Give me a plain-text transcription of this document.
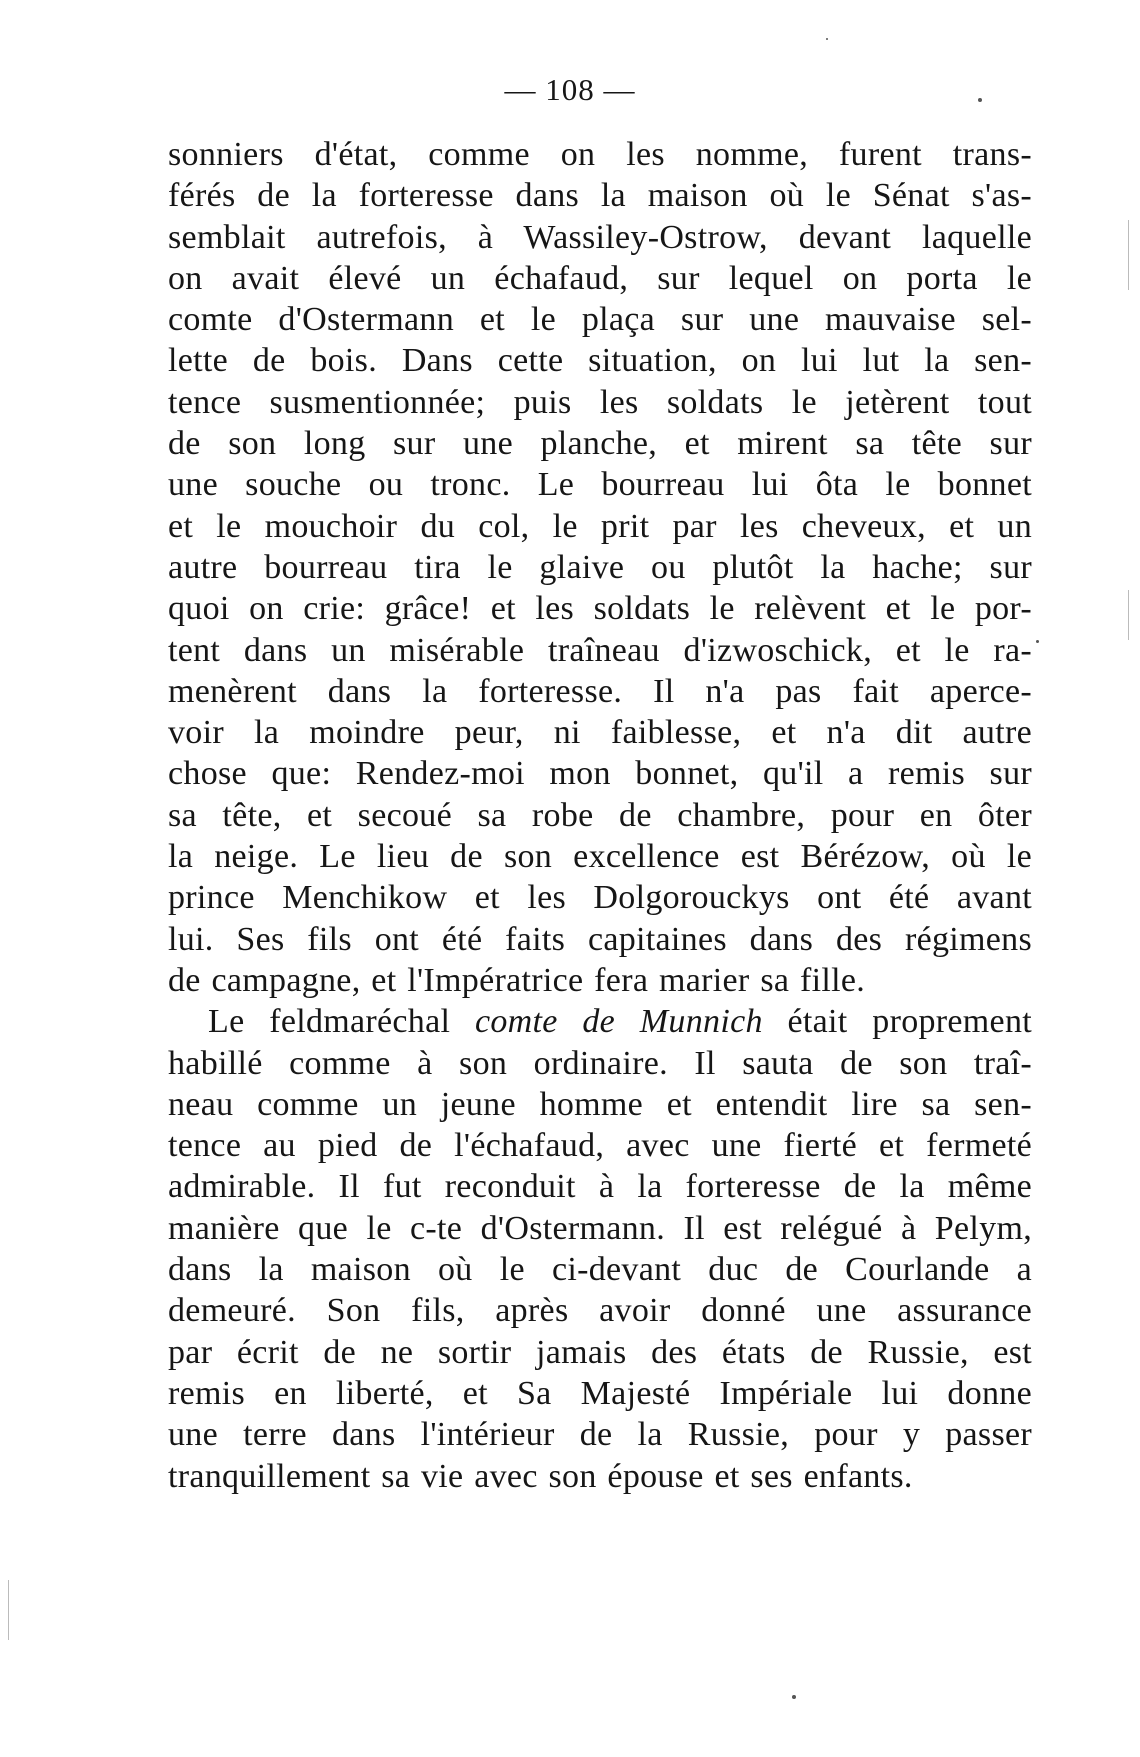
— 108 —
sonniers d'état, comme on les nomme, furent trans-
férés de la forteresse dans la maison où le Sénat s'as-
semblait autrefois, à Wassiley-Ostrow, devant laquelle
on avait élevé un échafaud, sur lequel on porta le
comte d'Ostermann et le plaça sur une mauvaise sel-
lette de bois. Dans cette situation, on lui lut la sen-
tence susmentionnée; puis les soldats le jetèrent tout
de son long sur une planche, et mirent sa tête sur
une souche ou tronc. Le bourreau lui ôta le bonnet
et le mouchoir du col, le prit par les cheveux, et un
autre bourreau tira le glaive ou plutôt la hache; sur
quoi on crie: grâce! et les soldats le relèvent et le por-
tent dans un misérable traîneau d'izwoschick, et le ra-
menèrent dans la forteresse. Il n'a pas fait aperce-
voir la moindre peur, ni faiblesse, et n'a dit autre
chose que: Rendez-moi mon bonnet, qu'il a remis sur
sa tête, et secoué sa robe de chambre, pour en ôter
la neige. Le lieu de son excellence est Bérézow, où le
prince Menchikow et les Dolgorouckys ont été avant
lui. Ses fils ont été faits capitaines dans des régimens
de campagne, et l'Impératrice fera marier sa fille.
Le feldmaréchal comte de Munnich était proprement
habillé comme à son ordinaire. Il sauta de son traî-
neau comme un jeune homme et entendit lire sa sen-
tence au pied de l'échafaud, avec une fierté et fermeté
admirable. Il fut reconduit à la forteresse de la même
manière que le c-te d'Ostermann. Il est relégué à Pelym,
dans la maison où le ci-devant duc de Courlande a
demeuré. Son fils, après avoir donné une assurance
par écrit de ne sortir jamais des états de Russie, est
remis en liberté, et Sa Majesté Impériale lui donne
une terre dans l'intérieur de la Russie, pour y passer
tranquillement sa vie avec son épouse et ses enfants.
